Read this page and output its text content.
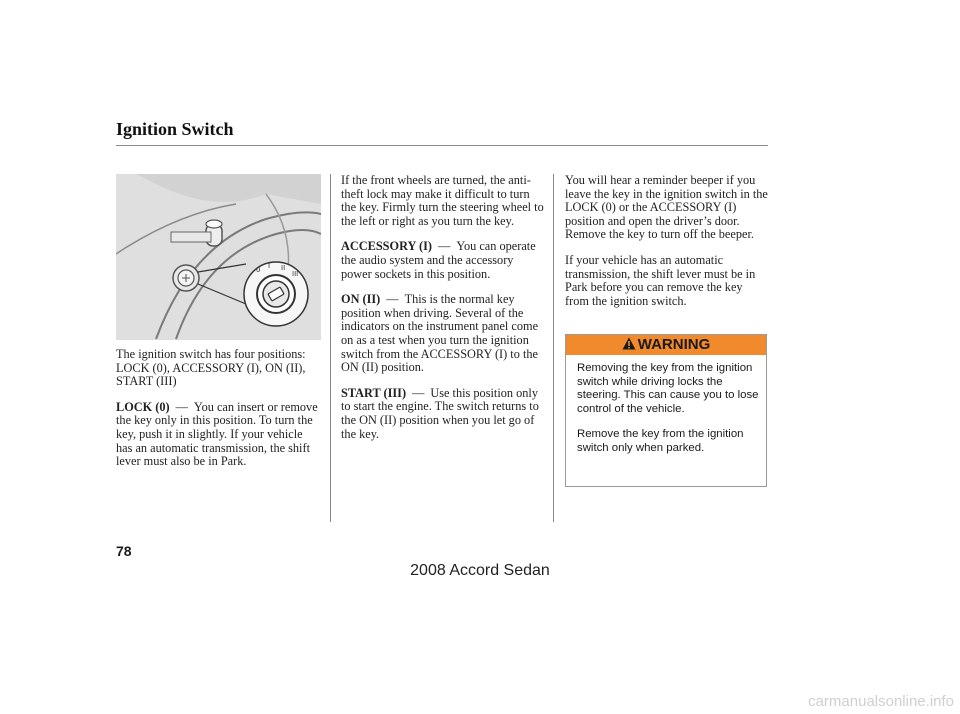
Ignition Switch
0 I II
III

The ignition switch has four positions: LOCK (0), ACCESSORY (I), ON (II), START (III)

LOCK (0) — You can insert or remove the key only in this position. To turn the key, push it in slightly. If your vehicle has an automatic transmission, the shift lever must also be in Park.

If the front wheels are turned, the anti-theft lock may make it difficult to turn the key. Firmly turn the steering wheel to the left or right as you turn the key.

ACCESSORY (I) — You can operate the audio system and the accessory power sockets in this position.

ON (II) — This is the normal key position when driving. Several of the indicators on the instrument panel come on as a test when you turn the ignition switch from the ACCESSORY (I) to the ON (II) position.

START (III) — Use this position only to start the engine. The switch returns to the ON (II) position when you let go of the key.

You will hear a reminder beeper if you leave the key in the ignition switch in the LOCK (0) or the ACCESSORY (I) position and open the driver’s door. Remove the key to turn off the beeper.

If your vehicle has an automatic transmission, the shift lever must be in Park before you can remove the key from the ignition switch.

WARNING

Removing the key from the ignition switch while driving locks the steering. This can cause you to lose control of the vehicle.

Remove the key from the ignition switch only when parked.

78
2008 Accord Sedan
carmanualsonline.info
